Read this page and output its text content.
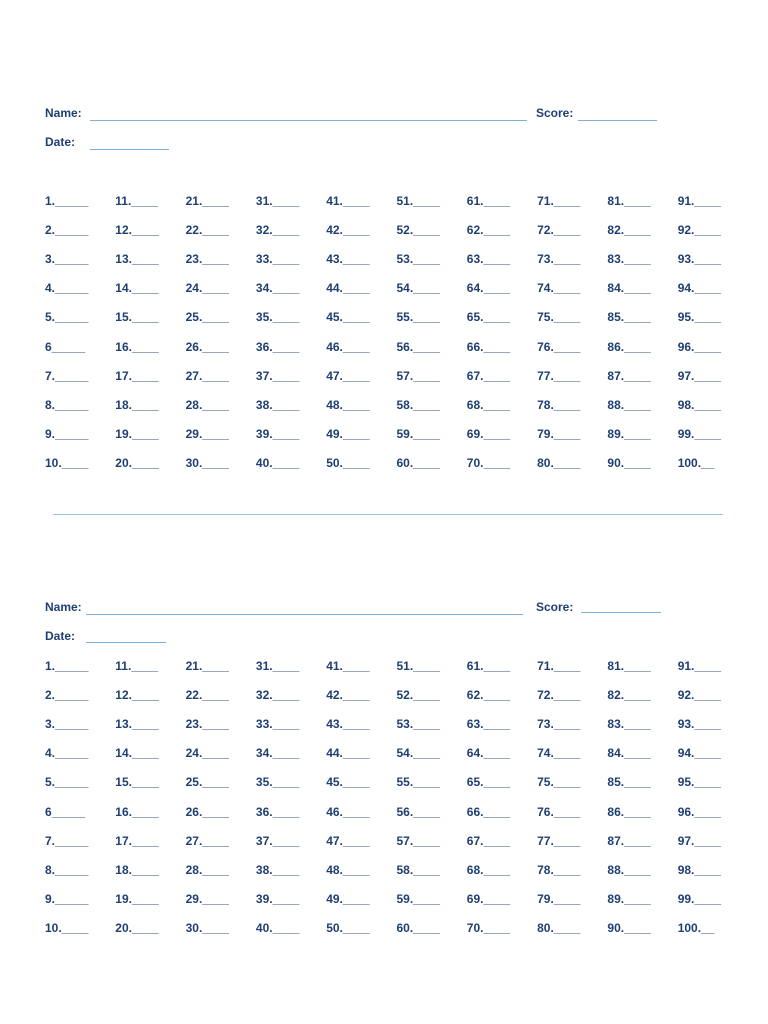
Name:	Score:
Date:
1._____
2._____
3._____
4._____
5._____
6_____
7._____
8._____
9._____
10.____
11.____
12.____
13.____
14.____
15.____
16.____
17.____
18.____
19.____
20.____
21.____
22.____
23.____
24.____
25.____
26.____
27.____
28.____
29.____
30.____
31.____
32.____
33.____
34.____
35.____
36.____
37.____
38.____
39.____
40.____
41.____
42.____
43.____
44.____
45.____
46.____
47.____
48.____
49.____
50.____
51.____
52.____
53.____
54.____
55.____
56.____
57.____
58.____
59.____
60.____
61.____
62.____
63.____
64.____
65.____
66.____
67.____
68.____
69.____
70.____
71.____
72.____
73.____
74.____
75.____
76.____
77.____
78.____
79.____
80.____
81.____
82.____
83.____
84.____
85.____
86.____
87.____
88.____
89.____
90.____
91.____
92.____
93.____
94.____
95.____
96.____
97.____
98.____
99.____
100.__
Name:	Score:
Date:
1._____
2._____
3._____
4._____
5._____
6_____
7._____
8._____
9._____
10.____
11.____
12.____
13.____
14.____
15.____
16.____
17.____
18.____
19.____
20.____
21.____
22.____
23.____
24.____
25.____
26.____
27.____
28.____
29.____
30.____
31.____
32.____
33.____
34.____
35.____
36.____
37.____
38.____
39.____
40.____
41.____
42.____
43.____
44.____
45.____
46.____
47.____
48.____
49.____
50.____
51.____
52.____
53.____
54.____
55.____
56.____
57.____
58.____
59.____
60.____
61.____
62.____
63.____
64.____
65.____
66.____
67.____
68.____
69.____
70.____
71.____
72.____
73.____
74.____
75.____
76.____
77.____
78.____
79.____
80.____
81.____
82.____
83.____
84.____
85.____
86.____
87.____
88.____
89.____
90.____
91.____
92.____
93.____
94.____
95.____
96.____
97.____
98.____
99.____
100.__
